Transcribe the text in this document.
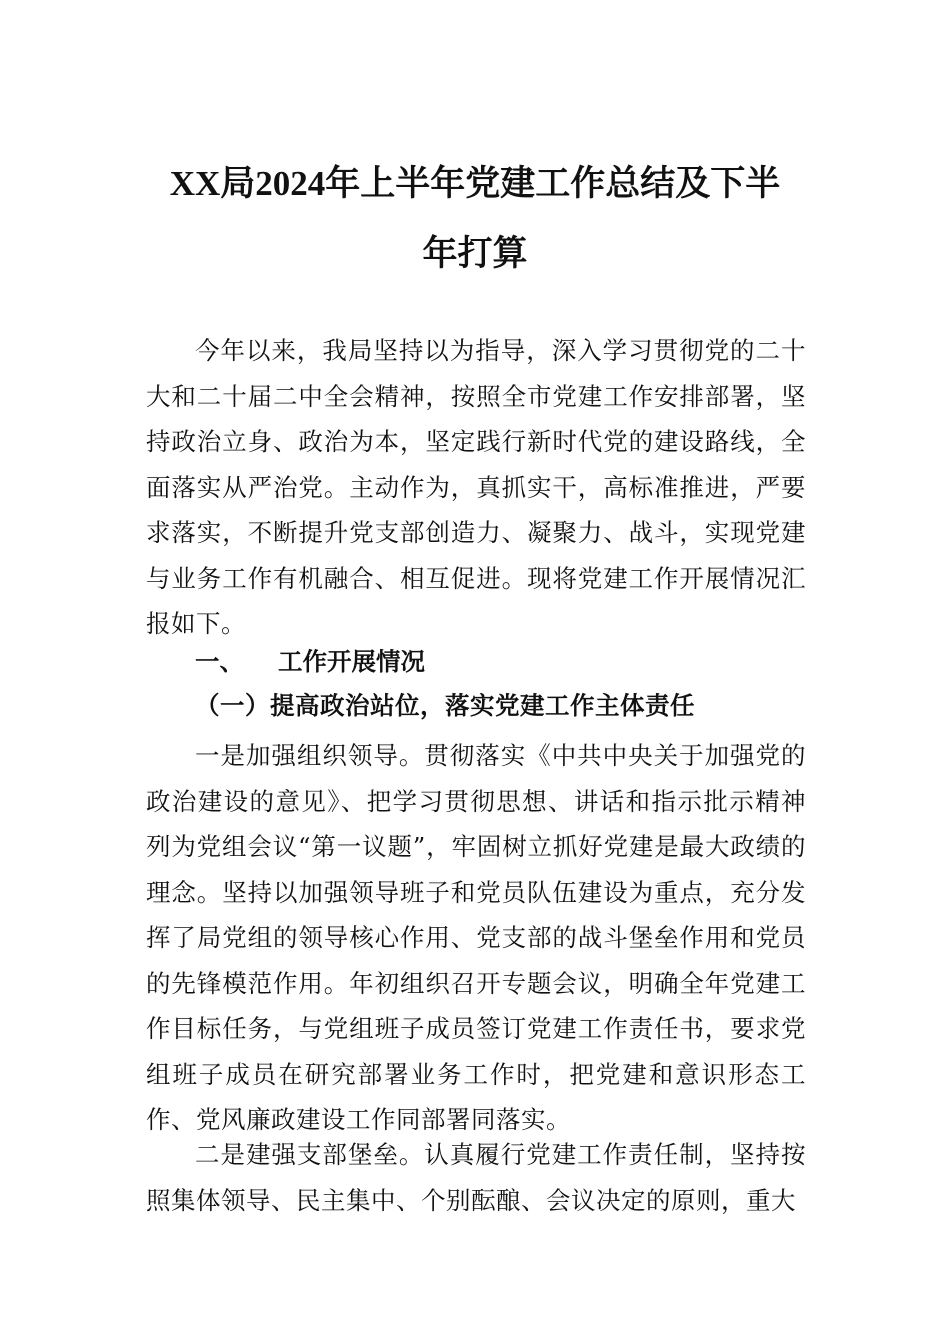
XX局2024年上半年党建工作总结及下半
年打算

今年以来，我局坚持以为指导，深入学习贯彻党的二十大和二十届二中全会精神，按照全市党建工作安排部署，坚持政治立身、政治为本，坚定践行新时代党的建设路线，全面落实从严治党。主动作为，真抓实干，高标准推进，严要求落实，不断提升党支部创造力、凝聚力、战斗，实现党建与业务工作有机融合、相互促进。现将党建工作开展情况汇报如下。

一、 工作开展情况
（一）提高政治站位，落实党建工作主体责任

一是加强组织领导。贯彻落实《中共中央关于加强党的政治建设的意见》、把学习贯彻思想、讲话和指示批示精神列为党组会议“第一议题”，牢固树立抓好党建是最大政绩的理念。坚持以加强领导班子和党员队伍建设为重点，充分发挥了局党组的领导核心作用、党支部的战斗堡垒作用和党员的先锋模范作用。年初组织召开专题会议，明确全年党建工作目标任务，与党组班子成员签订党建工作责任书，要求党组班子成员在研究部署业务工作时，把党建和意识形态工作、党风廉政建设工作同部署同落实。

二是建强支部堡垒。认真履行党建工作责任制，坚持按照集体领导、民主集中、个别酝酿、会议决定的原则，重大
